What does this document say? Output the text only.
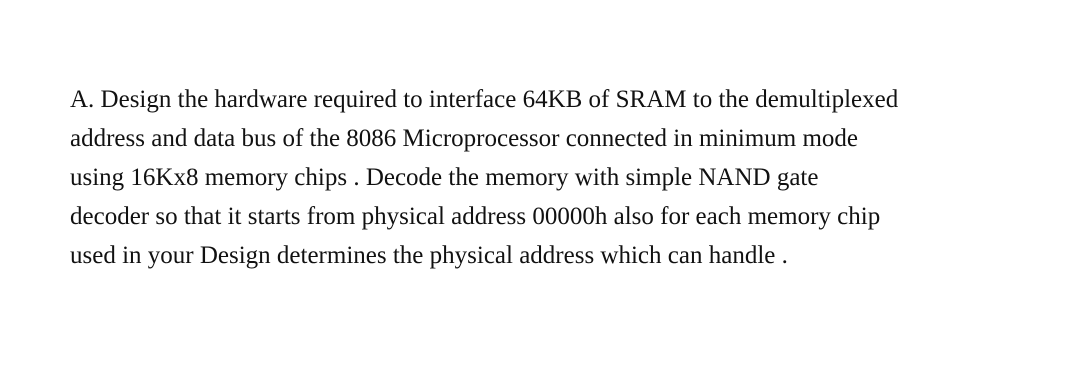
A. Design the hardware required to interface 64KB of SRAM to the demultiplexed
address and data bus of the 8086 Microprocessor connected in minimum mode
using 16Kx8 memory chips . Decode the memory with simple NAND gate
decoder so that it starts from physical address 00000h also for each memory chip
used in your Design determines the physical address which can handle .
